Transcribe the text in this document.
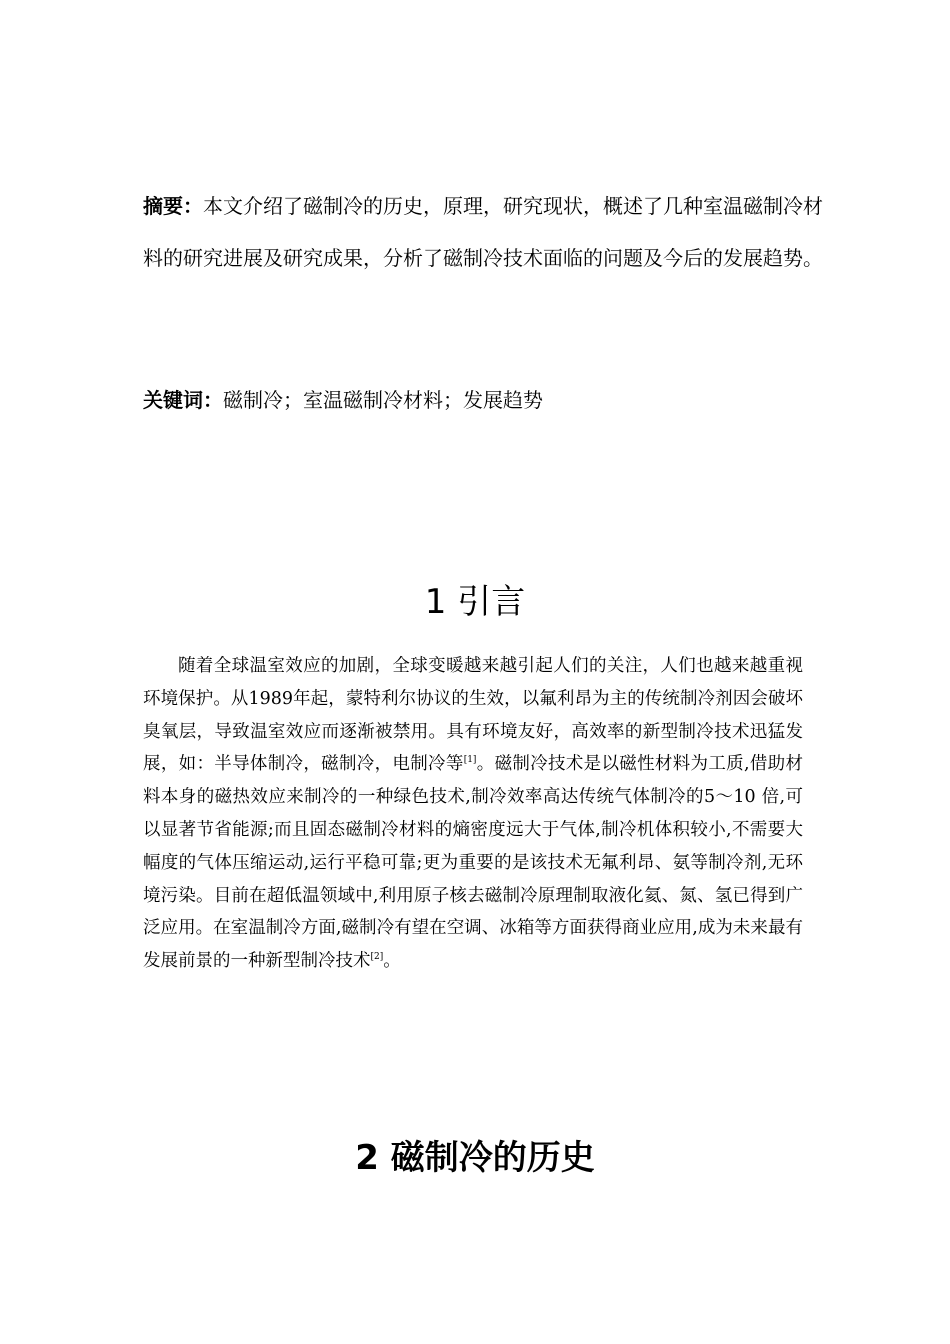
摘要：本文介绍了磁制冷的历史，原理，研究现状，概述了几种室温磁制冷材料的研究进展及研究成果，分析了磁制冷技术面临的问题及今后的发展趋势。

关键词：磁制冷；室温磁制冷材料；发展趋势

1 引言

随着全球温室效应的加剧，全球变暖越来越引起人们的关注，人们也越来越重视环境保护。从1989年起，蒙特利尔协议的生效，以氟利昂为主的传统制冷剂因会破坏臭氧层，导致温室效应而逐渐被禁用。具有环境友好，高效率的新型制冷技术迅猛发展，如：半导体制冷，磁制冷，电制冷等[1]。磁制冷技术是以磁性材料为工质,借助材料本身的磁热效应来制冷的一种绿色技术,制冷效率高达传统气体制冷的5～10 倍,可以显著节省能源;而且固态磁制冷材料的熵密度远大于气体,制冷机体积较小,不需要大幅度的气体压缩运动,运行平稳可靠;更为重要的是该技术无氟利昂、氨等制冷剂,无环境污染。目前在超低温领域中,利用原子核去磁制冷原理制取液化氦、氮、氢已得到广泛应用。在室温制冷方面,磁制冷有望在空调、冰箱等方面获得商业应用,成为未来最有发展前景的一种新型制冷技术[2]。

2 磁制冷的历史
